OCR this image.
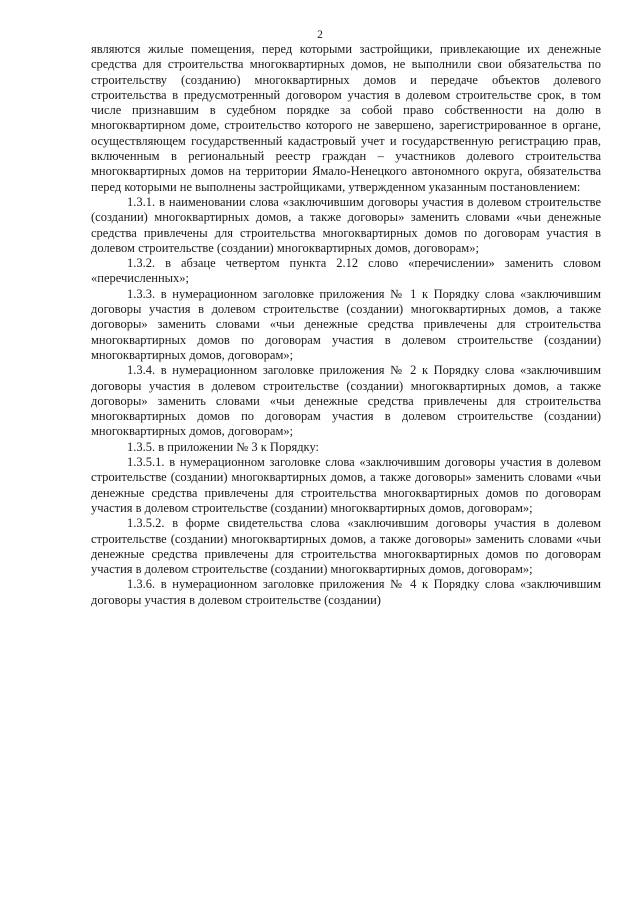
2

являются жилые помещения, перед которыми застройщики, привлекающие их денежные средства для строительства многоквартирных домов, не выполнили свои обязательства по строительству (созданию) многоквартирных домов и передаче объектов долевого строительства в предусмотренный договором участия в долевом строительстве срок, в том числе признавшим в судебном порядке за собой право собственности на долю в многоквартирном доме, строительство которого не завершено, зарегистрированное в органе, осуществляющем государственный кадастровый учет и государственную регистрацию прав, включенным в региональный реестр граждан – участников долевого строительства многоквартирных домов на территории Ямало-Ненецкого автономного округа, обязательства перед которыми не выполнены застройщиками, утвержденном указанным постановлением:

1.3.1. в наименовании слова «заключившим договоры участия в долевом строительстве (создании) многоквартирных домов, а также договоры» заменить словами «чьи денежные средства привлечены для строительства многоквартирных домов по договорам участия в долевом строительстве (создании) многоквартирных домов, договорам»;

1.3.2. в абзаце четвертом пункта 2.12 слово «перечислении» заменить словом «перечисленных»;

1.3.3. в нумерационном заголовке приложения № 1 к Порядку слова «заключившим договоры участия в долевом строительстве (создании) многоквартирных домов, а также договоры» заменить словами «чьи денежные средства привлечены для строительства многоквартирных домов по договорам участия в долевом строительстве (создании) многоквартирных домов, договорам»;

1.3.4. в нумерационном заголовке приложения № 2 к Порядку слова «заключившим договоры участия в долевом строительстве (создании) многоквартирных домов, а также договоры» заменить словами «чьи денежные средства привлечены для строительства многоквартирных домов по договорам участия в долевом строительстве (создании) многоквартирных домов, договорам»;

1.3.5. в приложении № 3 к Порядку:

1.3.5.1. в нумерационном заголовке слова «заключившим договоры участия в долевом строительстве (создании) многоквартирных домов, а также договоры» заменить словами «чьи денежные средства привлечены для строительства многоквартирных домов по договорам участия в долевом строительстве (создании) многоквартирных домов, договорам»;

1.3.5.2. в форме свидетельства слова «заключившим договоры участия в долевом строительстве (создании) многоквартирных домов, а также договоры» заменить словами «чьи денежные средства привлечены для строительства многоквартирных домов по договорам участия в долевом строительстве (создании) многоквартирных домов, договорам»;

1.3.6. в нумерационном заголовке приложения № 4 к Порядку слова «заключившим договоры участия в долевом строительстве (создании)
